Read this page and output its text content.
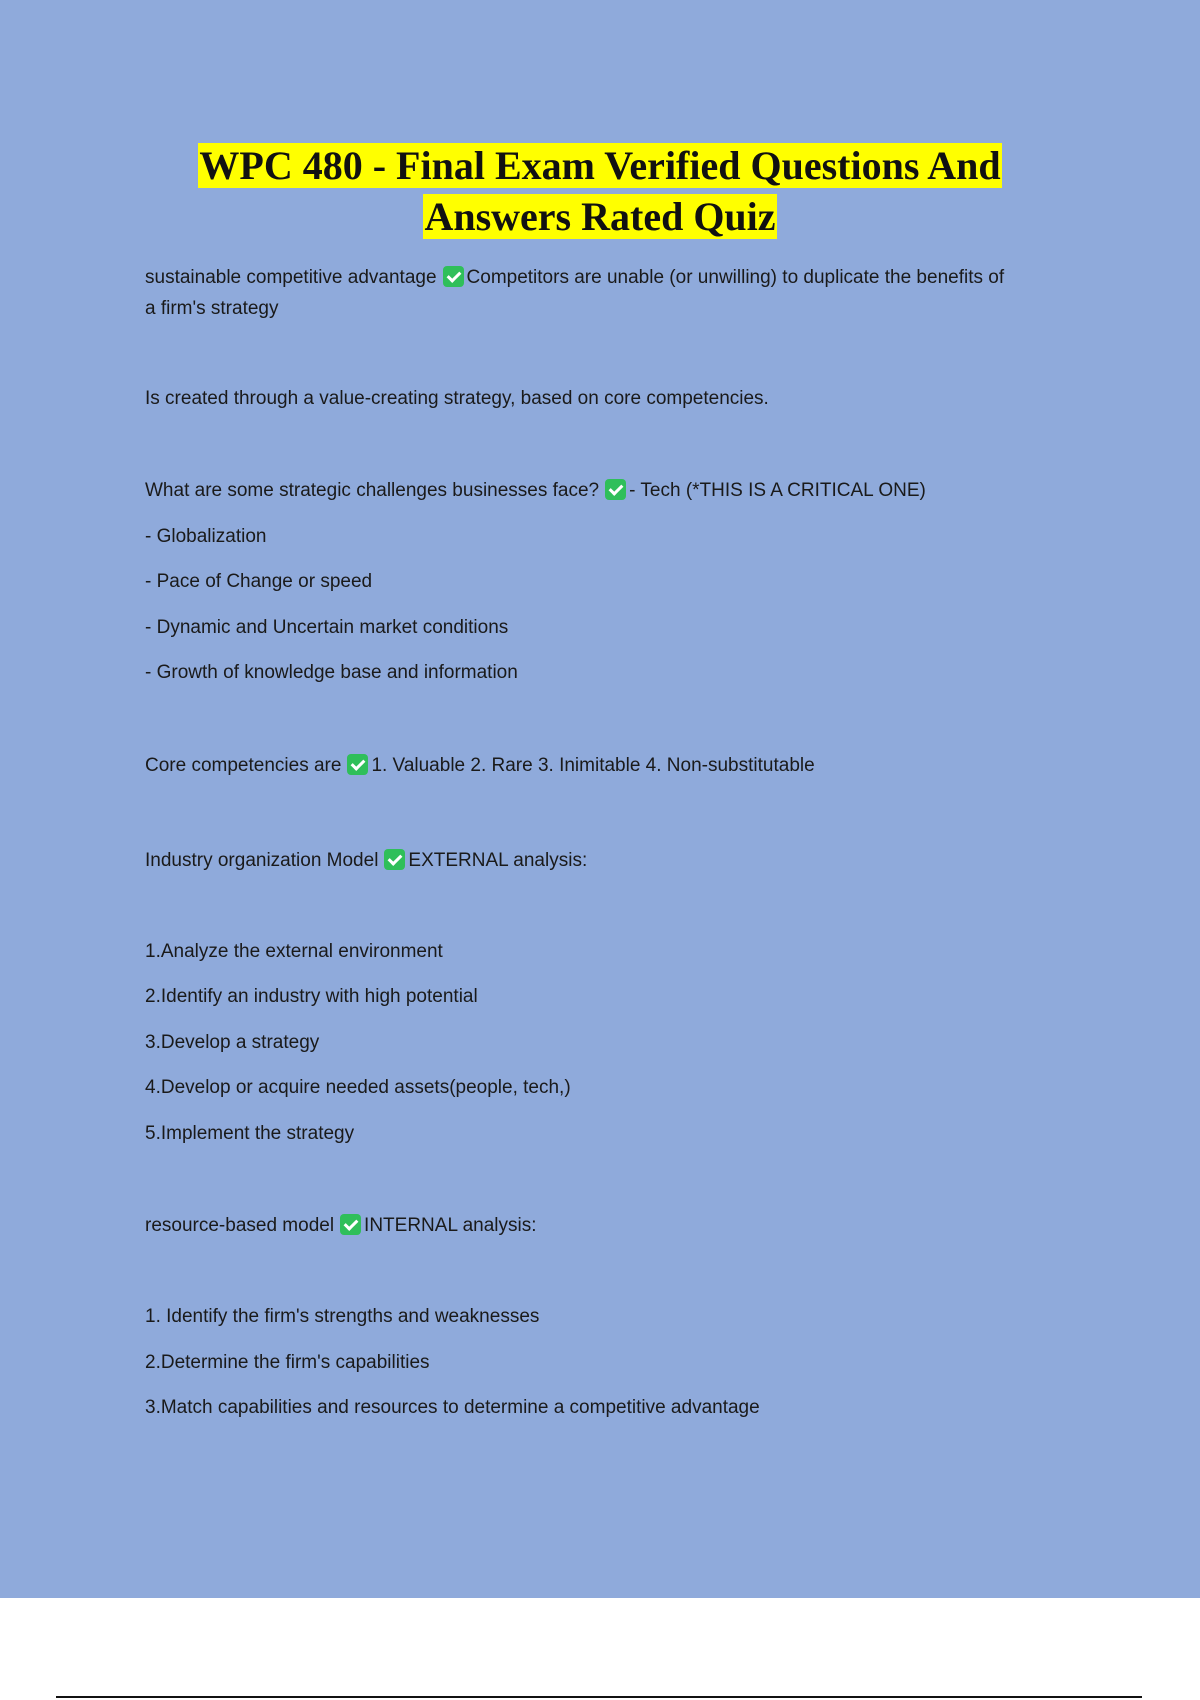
WPC 480 - Final Exam Verified Questions And
Answers Rated Quiz

sustainable competitive advantage Competitors are unable (or unwilling) to duplicate the benefits of
a firm's strategy

Is created through a value-creating strategy, based on core competencies.

What are some strategic challenges businesses face? - Tech (*THIS IS A CRITICAL ONE)

- Globalization

- Pace of Change or speed

- Dynamic and Uncertain market conditions

- Growth of knowledge base and information

Core competencies are 1. Valuable 2. Rare 3. Inimitable 4. Non-substitutable

Industry organization Model EXTERNAL analysis:

1.Analyze the external environment

2.Identify an industry with high potential

3.Develop a strategy

4.Develop or acquire needed assets(people, tech,)

5.Implement the strategy

resource-based model INTERNAL analysis:

1. Identify the firm's strengths and weaknesses

2.Determine the firm's capabilities

3.Match capabilities and resources to determine a competitive advantage
